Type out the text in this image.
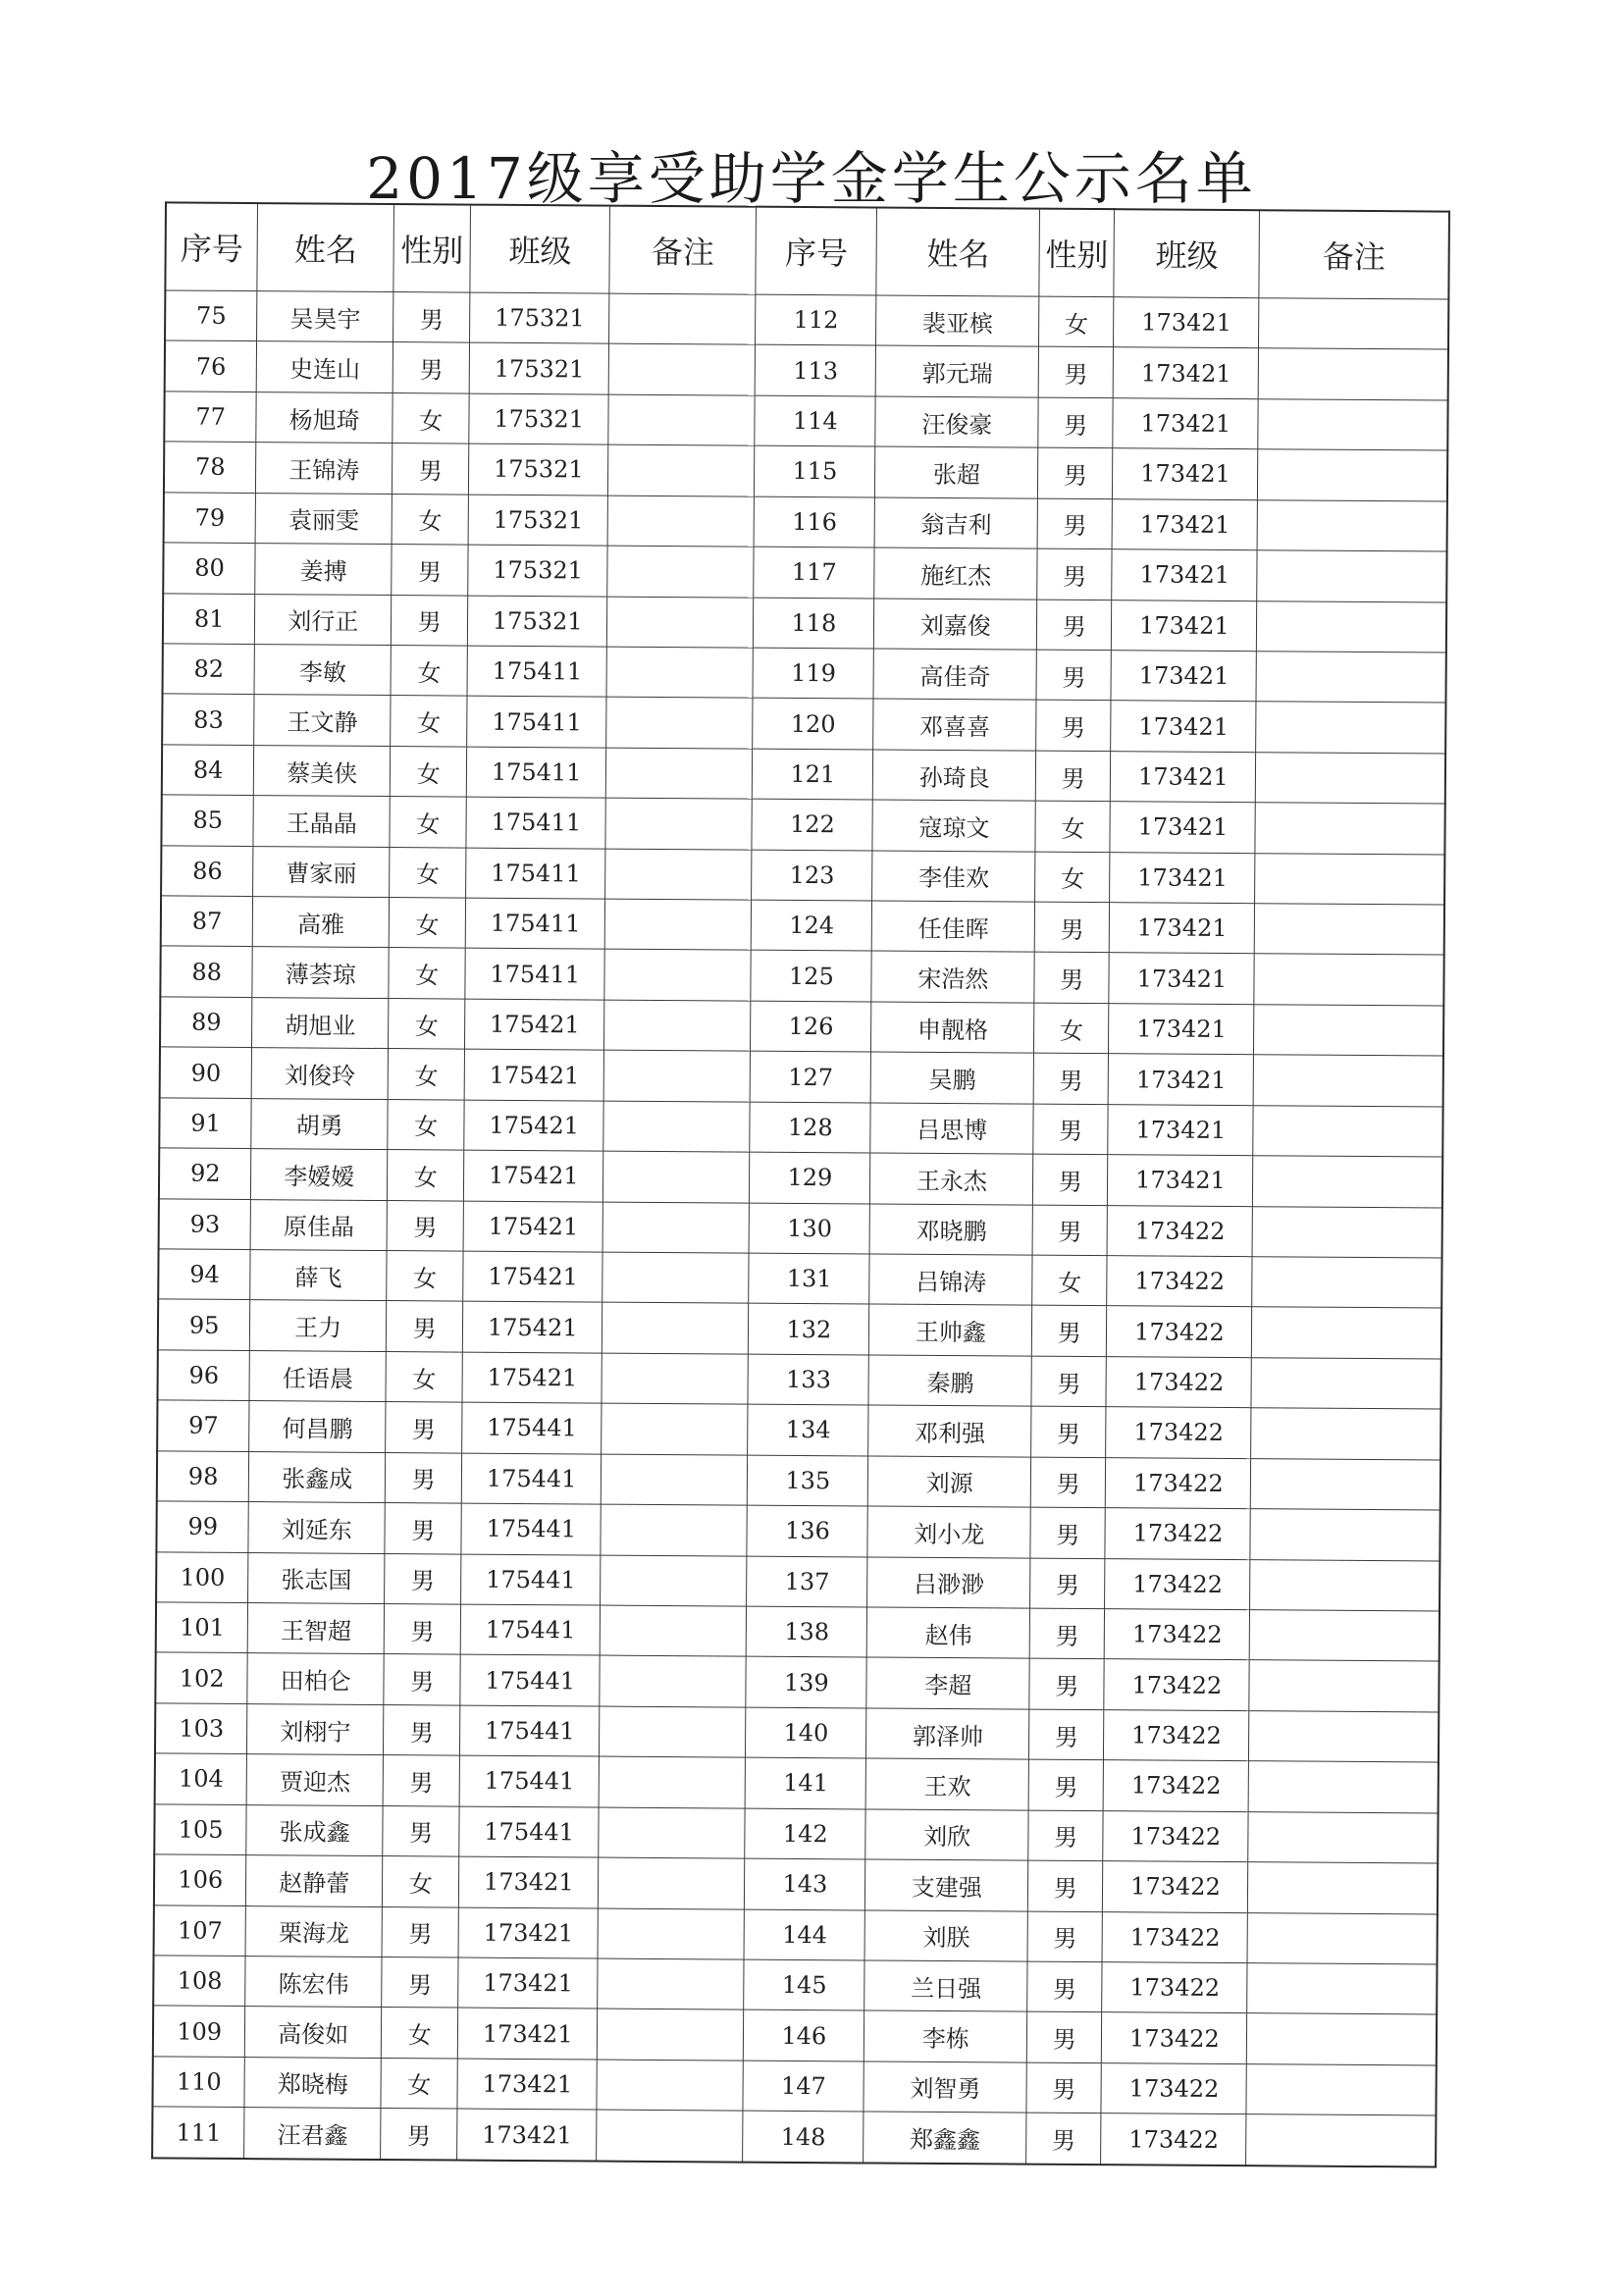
2017级享受助学金学生公示名单
序号	姓名	性别	班级	备注	序号	姓名	性别	班级	备注
75	吴昊宇	男	175321		112	裴亚槟	女	173421	
76	史连山	男	175321		113	郭元瑞	男	173421	
77	杨旭琦	女	175321		114	汪俊豪	男	173421	
78	王锦涛	男	175321		115	张超	男	173421	
79	袁丽雯	女	175321		116	翁吉利	男	173421	
80	姜搏	男	175321		117	施红杰	男	173421	
81	刘行正	男	175321		118	刘嘉俊	男	173421	
82	李敏	女	175411		119	高佳奇	男	173421	
83	王文静	女	175411		120	邓喜喜	男	173421	
84	蔡美侠	女	175411		121	孙琦良	男	173421	
85	王晶晶	女	175411		122	寇琼文	女	173421	
86	曹家丽	女	175411		123	李佳欢	女	173421	
87	高雅	女	175411		124	任佳晖	男	173421	
88	薄荟琼	女	175411		125	宋浩然	男	173421	
89	胡旭业	女	175421		126	申靓格	女	173421	
90	刘俊玲	女	175421		127	吴鹏	男	173421	
91	胡勇	女	175421		128	吕思博	男	173421	
92	李嫒嫒	女	175421		129	王永杰	男	173421	
93	原佳晶	男	175421		130	邓晓鹏	男	173422	
94	薛飞	女	175421		131	吕锦涛	女	173422	
95	王力	男	175421		132	王帅鑫	男	173422	
96	任语晨	女	175421		133	秦鹏	男	173422	
97	何昌鹏	男	175441		134	邓利强	男	173422	
98	张鑫成	男	175441		135	刘源	男	173422	
99	刘延东	男	175441		136	刘小龙	男	173422	
100	张志国	男	175441		137	吕渺渺	男	173422	
101	王智超	男	175441		138	赵伟	男	173422	
102	田柏仑	男	175441		139	李超	男	173422	
103	刘栩宁	男	175441		140	郭泽帅	男	173422	
104	贾迎杰	男	175441		141	王欢	男	173422	
105	张成鑫	男	175441		142	刘欣	男	173422	
106	赵静蕾	女	173421		143	支建强	男	173422	
107	栗海龙	男	173421		144	刘朕	男	173422	
108	陈宏伟	男	173421		145	兰日强	男	173422	
109	高俊如	女	173421		146	李栋	男	173422	
110	郑晓梅	女	173421		147	刘智勇	男	173422	
111	汪君鑫	男	173421		148	郑鑫鑫	男	173422	
